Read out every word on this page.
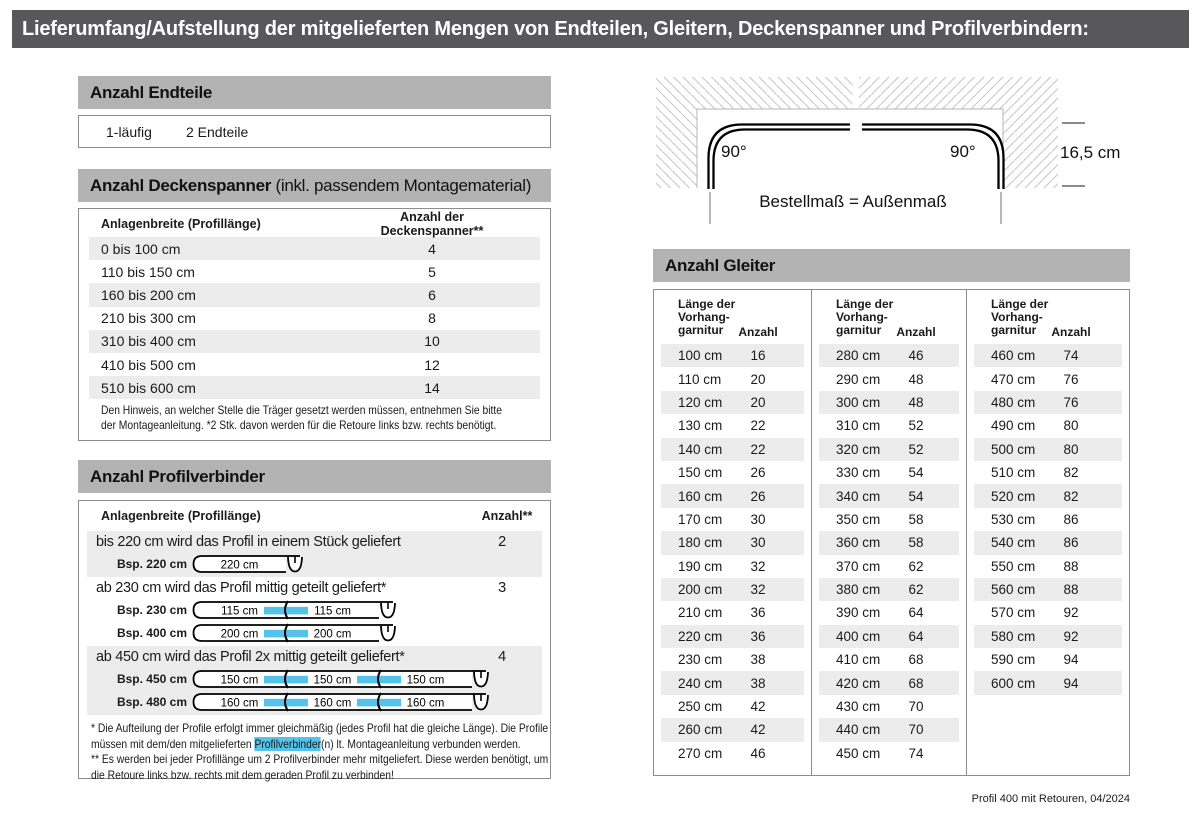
Lieferumfang/Aufstellung der mitgelieferten Mengen von Endteilen, Gleitern, Deckenspanner und Profilverbindern:
Anzahl Endteile
1-läufig	2 Endteile
Anzahl Deckenspanner (inkl. passendem Montagematerial)
Anlagenbreite (Profillänge)	Anzahl der Deckenspanner**
0 bis 100 cm	4
110 bis 150 cm	5
160 bis 200 cm	6
210 bis 300 cm	8
310 bis 400 cm	10
410 bis 500 cm	12
510 bis 600 cm	14
Den Hinweis, an welcher Stelle die Träger gesetzt werden müssen, entnehmen Sie bitte
der Montageanleitung. *2 Stk. davon werden für die Retoure links bzw. rechts benötigt.
Anzahl Profilverbinder
Anlagenbreite (Profillänge)	Anzahl**
bis 220 cm wird das Profil in einem Stück geliefert	2
Bsp. 220 cm	220 cm
ab 230 cm wird das Profil mittig geteilt geliefert*	3
Bsp. 230 cm	115 cm	115 cm
Bsp. 400 cm	200 cm	200 cm
ab 450 cm wird das Profil 2x mittig geteilt geliefert*	4
Bsp. 450 cm	150 cm	150 cm	150 cm
Bsp. 480 cm	160 cm	160 cm	160 cm
* Die Aufteilung der Profile erfolgt immer gleichmäßig (jedes Profil hat die gleiche Länge). Die Profile
müssen mit dem/den mitgelieferten Profilverbinder(n) lt. Montageanleitung verbunden werden.
** Es werden bei jeder Profillänge um 2 Profilverbinder mehr mitgeliefert. Diese werden benötigt, um
die Retoure links bzw. rechts mit dem geraden Profil zu verbinden!
90°	90°	16,5 cm
Bestellmaß = Außenmaß
Anzahl Gleiter
Länge der
Vorhang-
garnitur	Anzahl
100 cm	16
110 cm	20
120 cm	20
130 cm	22
140 cm	22
150 cm	26
160 cm	26
170 cm	30
180 cm	30
190 cm	32
200 cm	32
210 cm	36
220 cm	36
230 cm	38
240 cm	38
250 cm	42
260 cm	42
270 cm	46
Länge der
Vorhang-
garnitur	Anzahl
280 cm	46
290 cm	48
300 cm	48
310 cm	52
320 cm	52
330 cm	54
340 cm	54
350 cm	58
360 cm	58
370 cm	62
380 cm	62
390 cm	64
400 cm	64
410 cm	68
420 cm	68
430 cm	70
440 cm	70
450 cm	74
Länge der
Vorhang-
garnitur	Anzahl
460 cm	74
470 cm	76
480 cm	76
490 cm	80
500 cm	80
510 cm	82
520 cm	82
530 cm	86
540 cm	86
550 cm	88
560 cm	88
570 cm	92
580 cm	92
590 cm	94
600 cm	94
Profil 400 mit Retouren, 04/2024
